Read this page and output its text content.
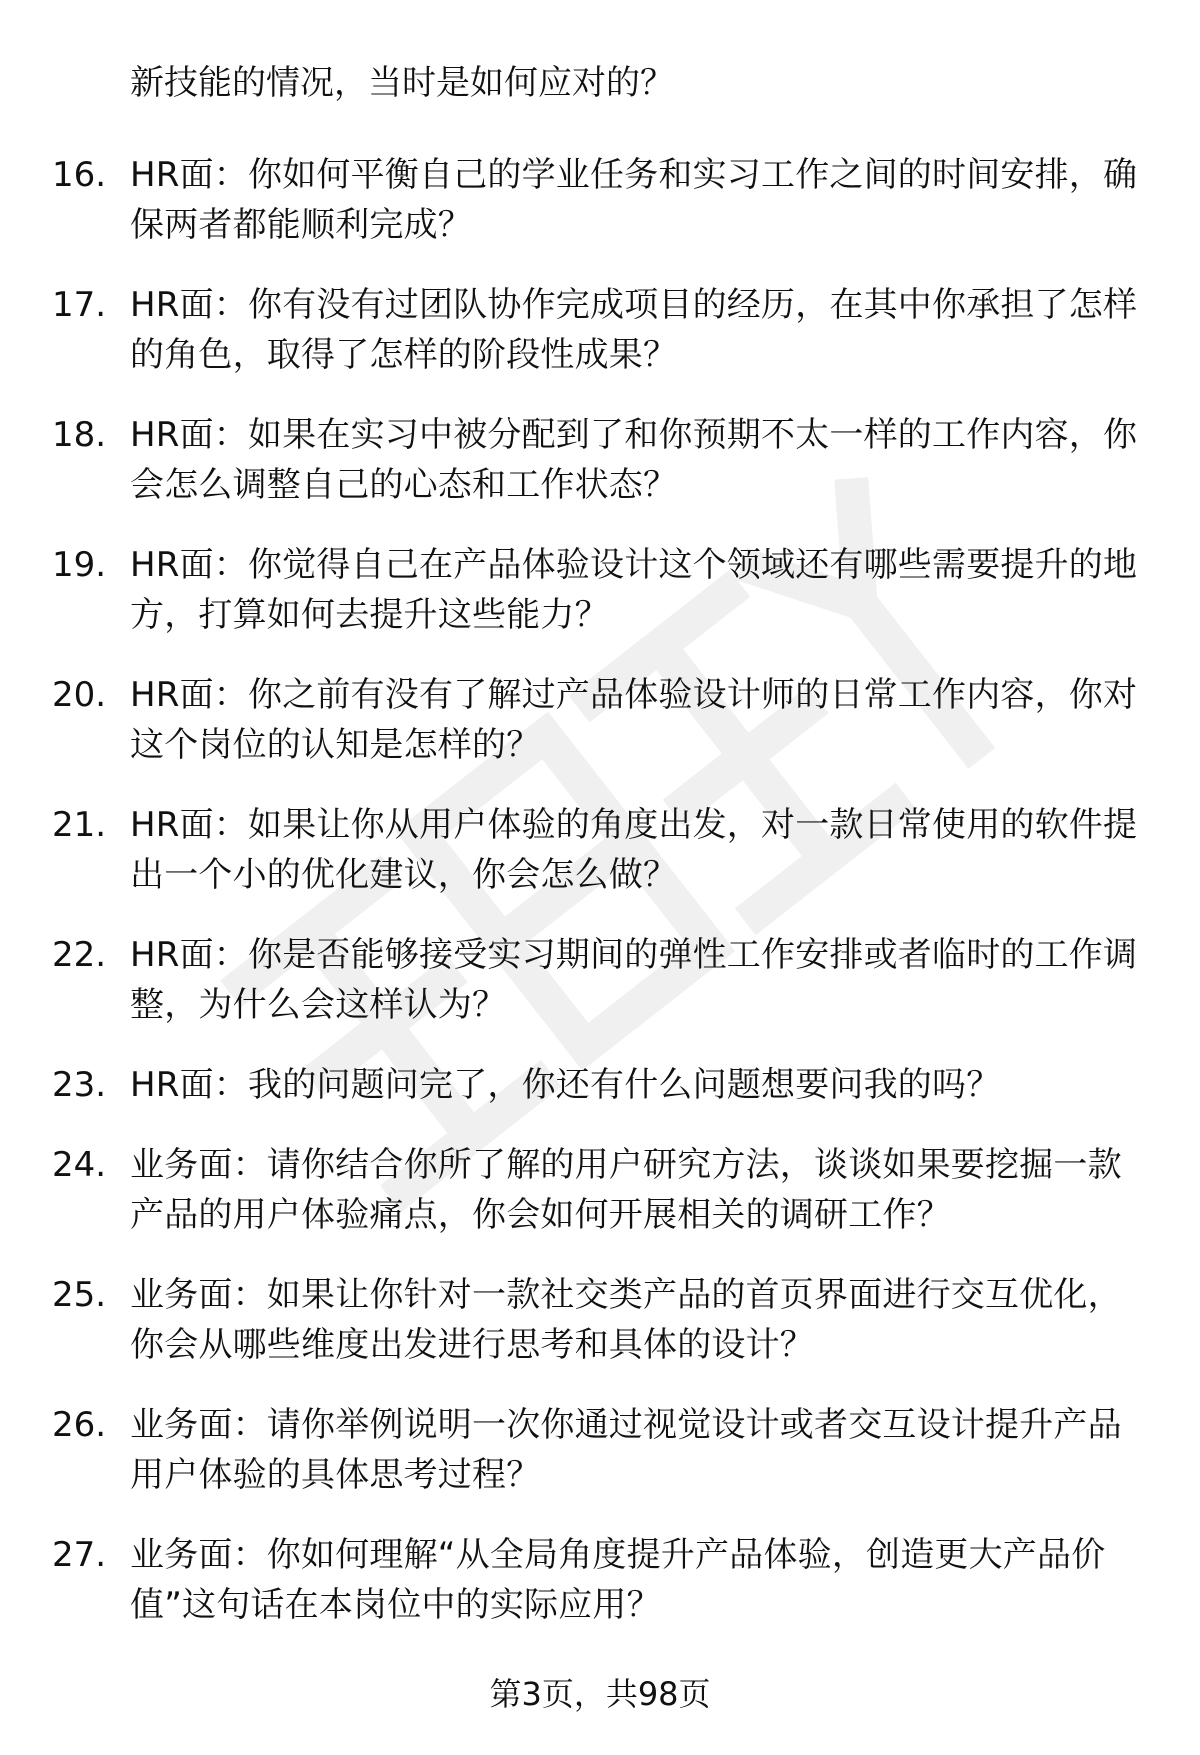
新技能的情况，当时是如何应对的？
16. HR面：你如何平衡自己的学业任务和实习工作之间的时间安排，确保两者都能顺利完成？
17. HR面：你有没有过团队协作完成项目的经历，在其中你承担了怎样的角色，取得了怎样的阶段性成果？
18. HR面：如果在实习中被分配到了和你预期不太一样的工作内容，你会怎么调整自己的心态和工作状态？
19. HR面：你觉得自己在产品体验设计这个领域还有哪些需要提升的地方，打算如何去提升这些能力？
20. HR面：你之前有没有了解过产品体验设计师的日常工作内容，你对这个岗位的认知是怎样的？
21. HR面：如果让你从用户体验的角度出发，对一款日常使用的软件提出一个小的优化建议，你会怎么做？
22. HR面：你是否能够接受实习期间的弹性工作安排或者临时的工作调整，为什么会这样认为？
23. HR面：我的问题问完了，你还有什么问题想要问我的吗？
24. 业务面：请你结合你所了解的用户研究方法，谈谈如果要挖掘一款产品的用户体验痛点，你会如何开展相关的调研工作？
25. 业务面：如果让你针对一款社交类产品的首页界面进行交互优化，你会从哪些维度出发进行思考和具体的设计？
26. 业务面：请你举例说明一次你通过视觉设计或者交互设计提升产品用户体验的具体思考过程？
27. 业务面：你如何理解“从全局角度提升产品体验，创造更大产品价值”这句话在本岗位中的实际应用？
第3页，共98页
